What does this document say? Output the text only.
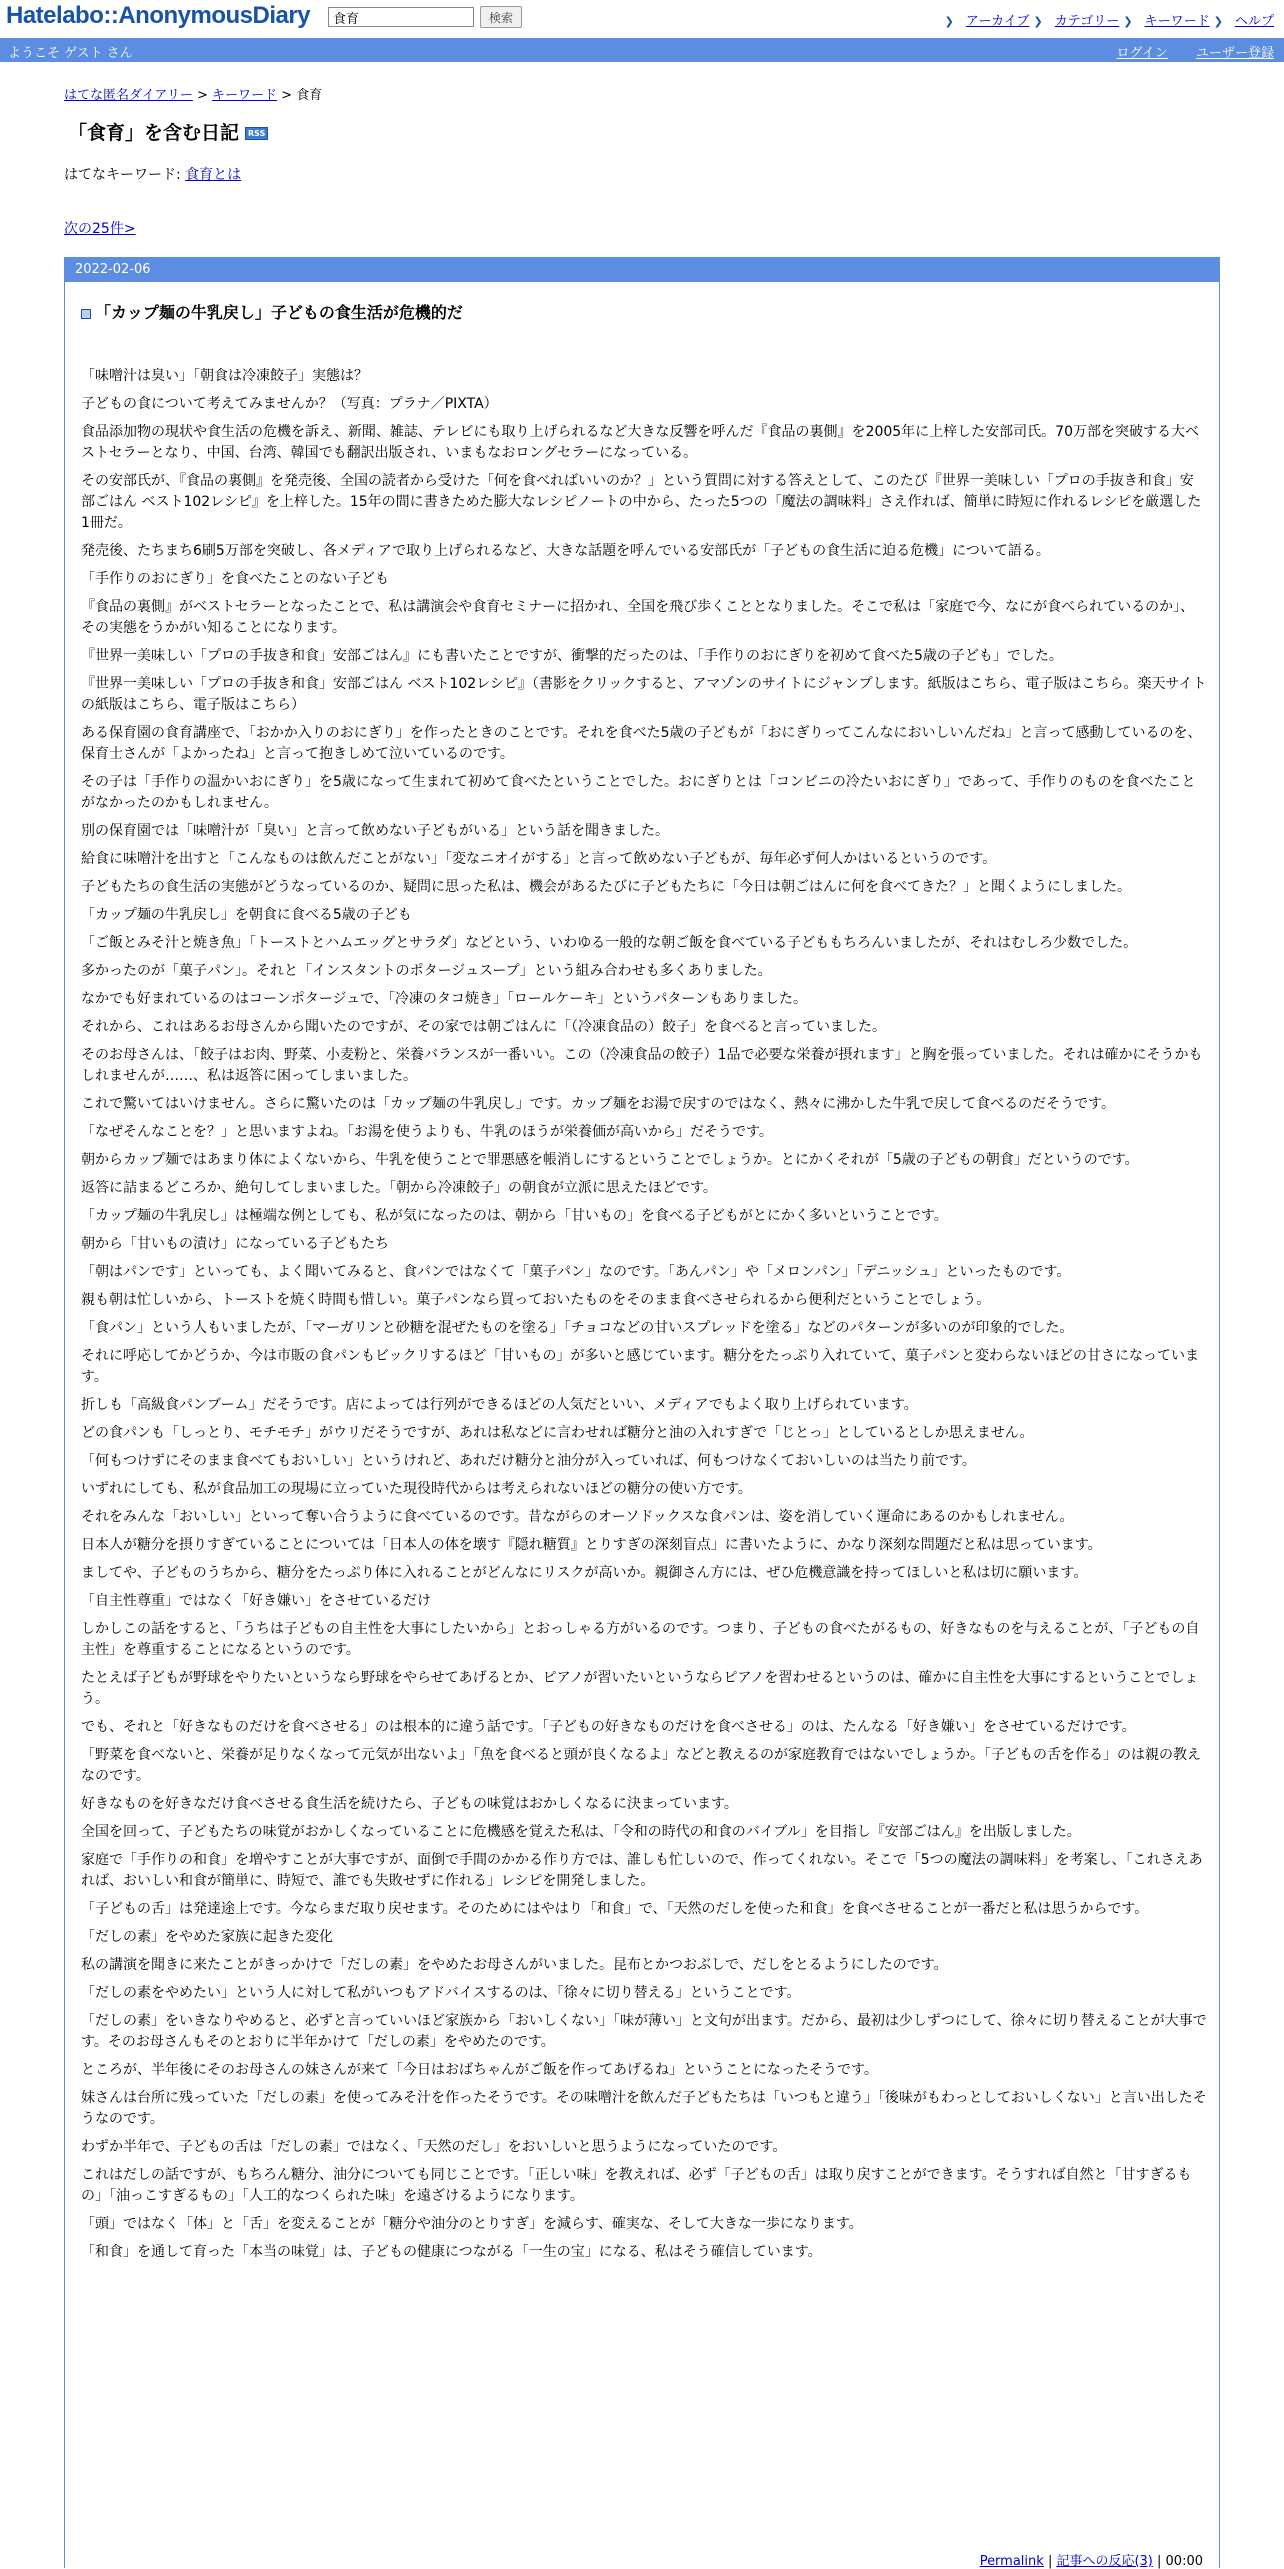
Hatelabo::AnonymousDiary
食育	検索	❯ アーカイブ ❯ カテゴリー ❯ キーワード ❯ ヘルプ
ようこそ ゲスト さん	ログイン ユーザー登録
はてな匿名ダイアリー > キーワード > 食育
「食育」を含む日記 RSS
はてなキーワード: 食育とは
次の25件>
2022-02-06
「カップ麺の牛乳戻し」子どもの食生活が危機的だ

「味噌汁は臭い」「朝食は冷凍餃子」実態は？

子どもの食について考えてみませんか？（写真：プラナ／PIXTA）

食品添加物の現状や食生活の危機を訴え、新聞、雑誌、テレビにも取り上げられるなど大きな反響を呼んだ『食品の裏側』を2005年に上梓した安部司氏。70万部を突破する大ベストセラーとなり、中国、台湾、韓国でも翻訳出版され、いまもなおロングセラーになっている。

その安部氏が、『食品の裏側』を発売後、全国の読者から受けた「何を食べればいいのか？」という質問に対する答えとして、このたび『世界一美味しい「プロの手抜き和食」安部ごはん ベスト102レシピ』を上梓した。15年の間に書きためた膨大なレシピノートの中から、たった5つの「魔法の調味料」さえ作れば、簡単に時短に作れるレシピを厳選した1冊だ。

発売後、たちまち6刷5万部を突破し、各メディアで取り上げられるなど、大きな話題を呼んでいる安部氏が「子どもの食生活に迫る危機」について語る。

「手作りのおにぎり」を食べたことのない子ども

『食品の裏側』がベストセラーとなったことで、私は講演会や食育セミナーに招かれ、全国を飛び歩くこととなりました。そこで私は「家庭で今、なにが食べられているのか」、その実態をうかがい知ることになります。

『世界一美味しい「プロの手抜き和食」安部ごはん』にも書いたことですが、衝撃的だったのは、「手作りのおにぎりを初めて食べた5歳の子ども」でした。

『世界一美味しい「プロの手抜き和食」安部ごはん ベスト102レシピ』（書影をクリックすると、アマゾンのサイトにジャンプします。紙版はこちら、電子版はこちら。楽天サイトの紙版はこちら、電子版はこちら）

ある保育園の食育講座で、「おかか入りのおにぎり」を作ったときのことです。それを食べた5歳の子どもが「おにぎりってこんなにおいしいんだね」と言って感動しているのを、保育士さんが「よかったね」と言って抱きしめて泣いているのです。

その子は「手作りの温かいおにぎり」を5歳になって生まれて初めて食べたということでした。おにぎりとは「コンビニの冷たいおにぎり」であって、手作りのものを食べたことがなかったのかもしれません。

別の保育園では「味噌汁が「臭い」と言って飲めない子どもがいる」という話を聞きました。

給食に味噌汁を出すと「こんなものは飲んだことがない」「変なニオイがする」と言って飲めない子どもが、毎年必ず何人かはいるというのです。

子どもたちの食生活の実態がどうなっているのか、疑問に思った私は、機会があるたびに子どもたちに「今日は朝ごはんに何を食べてきた？」と聞くようにしました。

「カップ麺の牛乳戻し」を朝食に食べる5歳の子ども

「ご飯とみそ汁と焼き魚」「トーストとハムエッグとサラダ」などという、いわゆる一般的な朝ご飯を食べている子どももちろんいましたが、それはむしろ少数でした。

多かったのが「菓子パン」。それと「インスタントのポタージュスープ」という組み合わせも多くありました。

なかでも好まれているのはコーンポタージュで、「冷凍のタコ焼き」「ロールケーキ」というパターンもありました。

それから、これはあるお母さんから聞いたのですが、その家では朝ごはんに「（冷凍食品の）餃子」を食べると言っていました。

そのお母さんは、「餃子はお肉、野菜、小麦粉と、栄養バランスが一番いい。この（冷凍食品の餃子）1品で必要な栄養が摂れます」と胸を張っていました。それは確かにそうかもしれませんが……、私は返答に困ってしまいました。

これで驚いてはいけません。さらに驚いたのは「カップ麺の牛乳戻し」です。カップ麺をお湯で戻すのではなく、熱々に沸かした牛乳で戻して食べるのだそうです。

「なぜそんなことを？」と思いますよね。「お湯を使うよりも、牛乳のほうが栄養価が高いから」だそうです。

朝からカップ麺ではあまり体によくないから、牛乳を使うことで罪悪感を帳消しにするということでしょうか。とにかくそれが「5歳の子どもの朝食」だというのです。

返答に詰まるどころか、絶句してしまいました。「朝から冷凍餃子」の朝食が立派に思えたほどです。

「カップ麺の牛乳戻し」は極端な例としても、私が気になったのは、朝から「甘いもの」を食べる子どもがとにかく多いということです。

朝から「甘いもの漬け」になっている子どもたち

「朝はパンです」といっても、よく聞いてみると、食パンではなくて「菓子パン」なのです。「あんパン」や「メロンパン」「デニッシュ」といったものです。

親も朝は忙しいから、トーストを焼く時間も惜しい。菓子パンなら買っておいたものをそのまま食べさせられるから便利だということでしょう。

「食パン」という人もいましたが、「マーガリンと砂糖を混ぜたものを塗る」「チョコなどの甘いスプレッドを塗る」などのパターンが多いのが印象的でした。

それに呼応してかどうか、今は市販の食パンもビックリするほど「甘いもの」が多いと感じています。糖分をたっぷり入れていて、菓子パンと変わらないほどの甘さになっています。

折しも「高級食パンブーム」だそうです。店によっては行列ができるほどの人気だといい、メディアでもよく取り上げられています。

どの食パンも「しっとり、モチモチ」がウリだそうですが、あれは私などに言わせれば糖分と油の入れすぎで「じとっ」としているとしか思えません。

「何もつけずにそのまま食べてもおいしい」というけれど、あれだけ糖分と油分が入っていれば、何もつけなくておいしいのは当たり前です。

いずれにしても、私が食品加工の現場に立っていた現役時代からは考えられないほどの糖分の使い方です。

それをみんな「おいしい」といって奪い合うように食べているのです。昔ながらのオーソドックスな食パンは、姿を消していく運命にあるのかもしれません。

日本人が糖分を摂りすぎていることについては「日本人の体を壊す『隠れ糖質』とりすぎの深刻盲点」に書いたように、かなり深刻な問題だと私は思っています。

ましてや、子どものうちから、糖分をたっぷり体に入れることがどんなにリスクが高いか。親御さん方には、ぜひ危機意識を持ってほしいと私は切に願います。

「自主性尊重」ではなく「好き嫌い」をさせているだけ

しかしこの話をすると、「うちは子どもの自主性を大事にしたいから」とおっしゃる方がいるのです。つまり、子どもの食べたがるもの、好きなものを与えることが、「子どもの自主性」を尊重することになるというのです。

たとえば子どもが野球をやりたいというなら野球をやらせてあげるとか、ピアノが習いたいというならピアノを習わせるというのは、確かに自主性を大事にするということでしょう。

でも、それと「好きなものだけを食べさせる」のは根本的に違う話です。「子どもの好きなものだけを食べさせる」のは、たんなる「好き嫌い」をさせているだけです。

「野菜を食べないと、栄養が足りなくなって元気が出ないよ」「魚を食べると頭が良くなるよ」などと教えるのが家庭教育ではないでしょうか。「子どもの舌を作る」のは親の教えなのです。

好きなものを好きなだけ食べさせる食生活を続けたら、子どもの味覚はおかしくなるに決まっています。

全国を回って、子どもたちの味覚がおかしくなっていることに危機感を覚えた私は、「令和の時代の和食のバイブル」を目指し『安部ごはん』を出版しました。

家庭で「手作りの和食」を増やすことが大事ですが、面倒で手間のかかる作り方では、誰しも忙しいので、作ってくれない。そこで「5つの魔法の調味料」を考案し、「これさえあれば、おいしい和食が簡単に、時短で、誰でも失敗せずに作れる」レシピを開発しました。

「子どもの舌」は発達途上です。今ならまだ取り戻せます。そのためにはやはり「和食」で、「天然のだしを使った和食」を食べさせることが一番だと私は思うからです。

「だしの素」をやめた家族に起きた変化

私の講演を聞きに来たことがきっかけで「だしの素」をやめたお母さんがいました。昆布とかつおぶしで、だしをとるようにしたのです。

「だしの素をやめたい」という人に対して私がいつもアドバイスするのは、「徐々に切り替える」ということです。

「だしの素」をいきなりやめると、必ずと言っていいほど家族から「おいしくない」「味が薄い」と文句が出ます。だから、最初は少しずつにして、徐々に切り替えることが大事です。そのお母さんもそのとおりに半年かけて「だしの素」をやめたのです。

ところが、半年後にそのお母さんの妹さんが来て「今日はおばちゃんがご飯を作ってあげるね」ということになったそうです。

妹さんは台所に残っていた「だしの素」を使ってみそ汁を作ったそうです。その味噌汁を飲んだ子どもたちは「いつもと違う」「後味がもわっとしておいしくない」と言い出したそうなのです。

わずか半年で、子どもの舌は「だしの素」ではなく、「天然のだし」をおいしいと思うようになっていたのです。

これはだしの話ですが、もちろん糖分、油分についても同じことです。「正しい味」を教えれば、必ず「子どもの舌」は取り戻すことができます。そうすれば自然と「甘すぎるもの」「油っこすぎるもの」「人工的なつくられた味」を遠ざけるようになります。

「頭」ではなく「体」と「舌」を変えることが「糖分や油分のとりすぎ」を減らす、確実な、そして大きな一歩になります。

「和食」を通して育った「本当の味覚」は、子どもの健康につながる「一生の宝」になる、私はそう確信しています。

Permalink | 記事への反応(3) | 00:00
